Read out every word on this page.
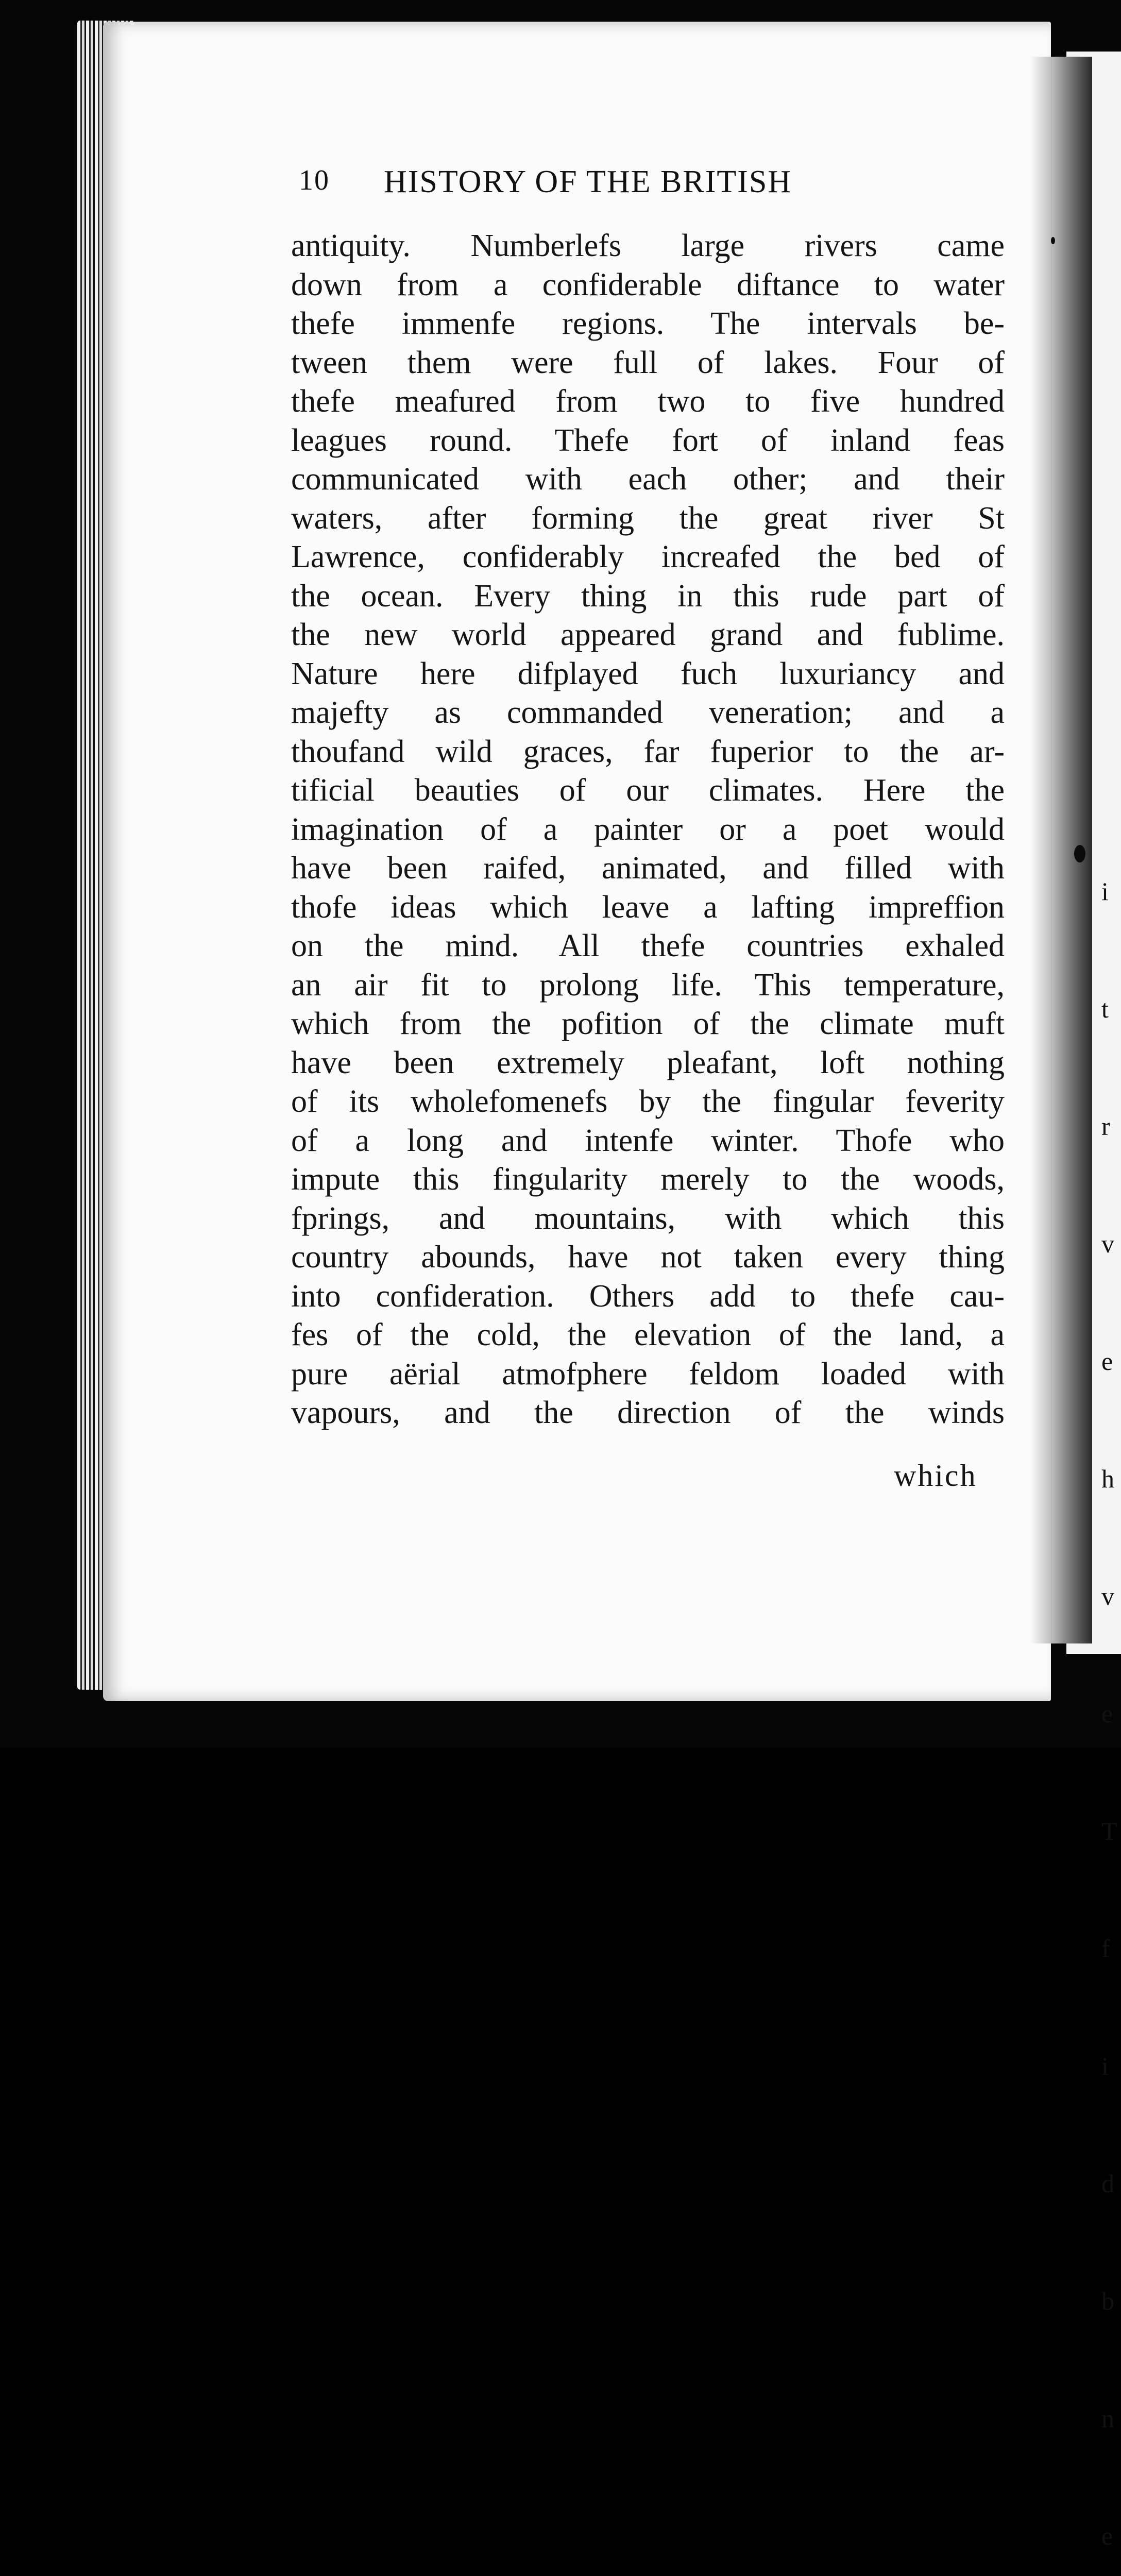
i

t

r

v

e

h

v

e

T

f

i

d

b

n

e

10 HISTORY OF THE BRITISH
antiquity. Numberlefs large rivers came
down from a confiderable diftance to water
thefe immenfe regions. The intervals be-
tween them were full of lakes. Four of
thefe meafured from two to five hundred
leagues round. Thefe fort of inland feas
communicated with each other; and their
waters, after forming the great river St
Lawrence, confiderably increafed the bed of
the ocean. Every thing in this rude part of
the new world appeared grand and fublime.
Nature here difplayed fuch luxuriancy and
majefty as commanded veneration; and a
thoufand wild graces, far fuperior to the ar-
tificial beauties of our climates. Here the
imagination of a painter or a poet would
have been raifed, animated, and filled with
thofe ideas which leave a lafting impreffion
on the mind. All thefe countries exhaled
an air fit to prolong life. This temperature,
which from the pofition of the climate muft
have been extremely pleafant, loft nothing
of its wholefomenefs by the fingular feverity
of a long and intenfe winter. Thofe who
impute this fingularity merely to the woods,
fprings, and mountains, with which this
country abounds, have not taken every thing
into confideration. Others add to thefe cau-
fes of the cold, the elevation of the land, a
pure aërial atmofphere feldom loaded with
vapours, and the direction of the winds
which
